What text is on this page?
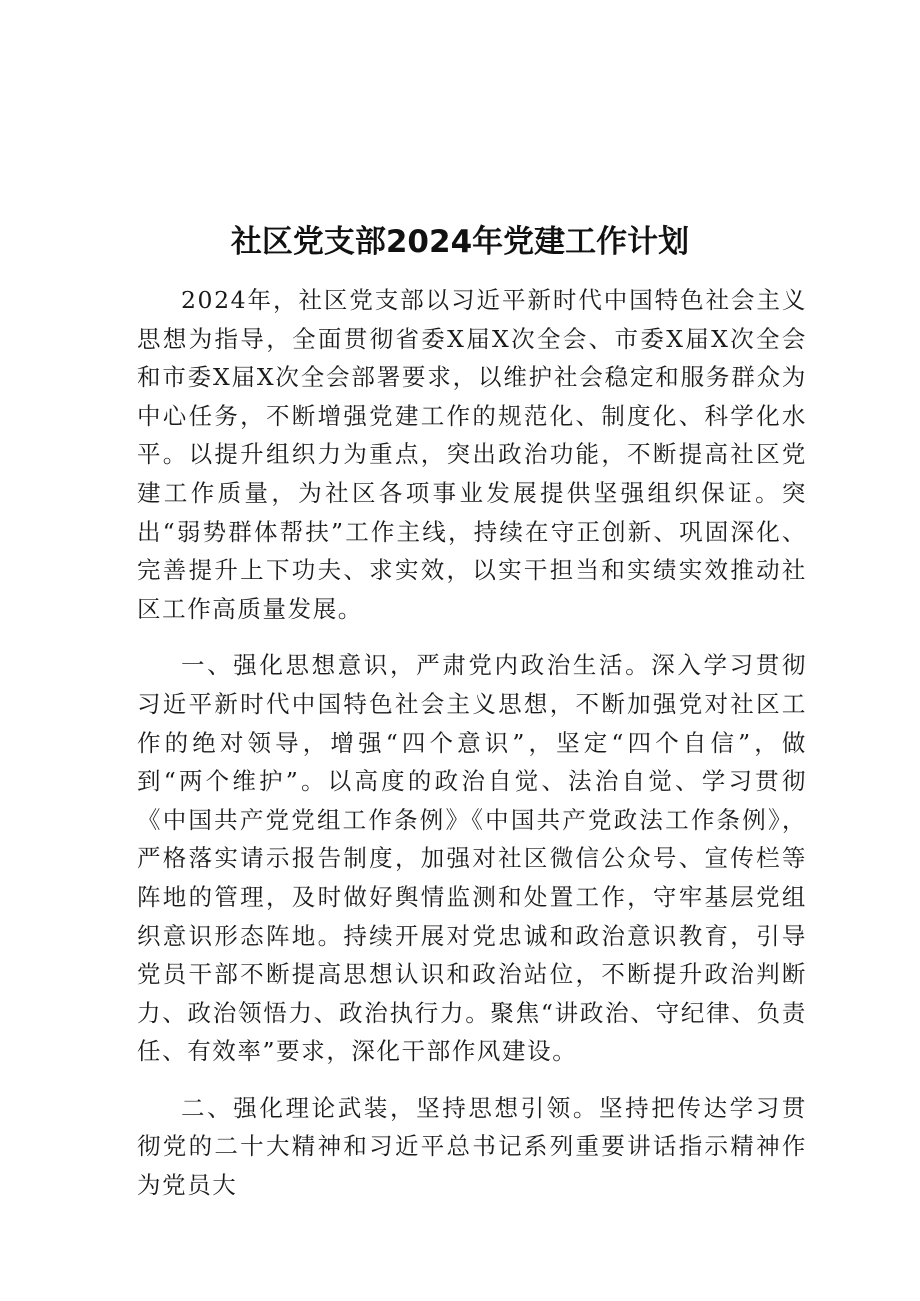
社区党支部2024年党建工作计划

2024年，社区党支部以习近平新时代中国特色社会主义思想为指导，全面贯彻省委X届X次全会、市委X届X次全会和市委X届X次全会部署要求，以维护社会稳定和服务群众为中心任务，不断增强党建工作的规范化、制度化、科学化水平。以提升组织力为重点，突出政治功能，不断提高社区党建工作质量，为社区各项事业发展提供坚强组织保证。突出“弱势群体帮扶”工作主线，持续在守正创新、巩固深化、完善提升上下功夫、求实效，以实干担当和实绩实效推动社区工作高质量发展。

一、强化思想意识，严肃党内政治生活。深入学习贯彻习近平新时代中国特色社会主义思想，不断加强党对社区工作的绝对领导，增强“四个意识”，坚定“四个自信”，做到“两个维护”。以高度的政治自觉、法治自觉、学习贯彻《中国共产党党组工作条例》《中国共产党政法工作条例》，严格落实请示报告制度，加强对社区微信公众号、宣传栏等阵地的管理，及时做好舆情监测和处置工作，守牢基层党组织意识形态阵地。持续开展对党忠诚和政治意识教育，引导党员干部不断提高思想认识和政治站位，不断提升政治判断力、政治领悟力、政治执行力。聚焦“讲政治、守纪律、负责任、有效率”要求，深化干部作风建设。

二、强化理论武装，坚持思想引领。坚持把传达学习贯彻党的二十大精神和习近平总书记系列重要讲话指示精神作为党员大
